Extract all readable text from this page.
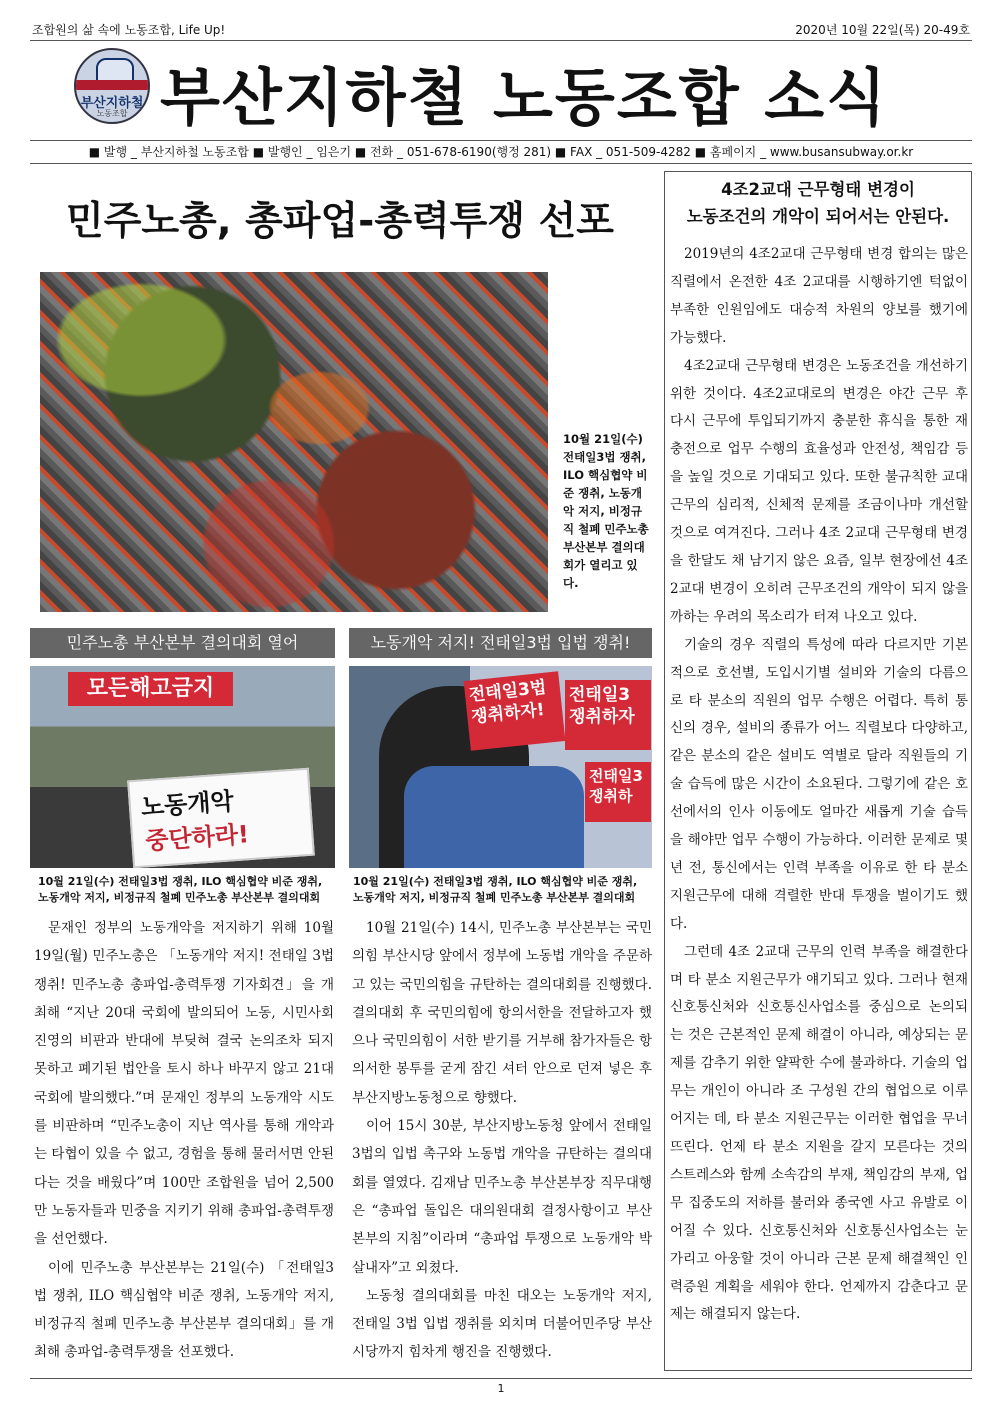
조합원의 삶 속에 노동조합, Life Up!	2020년 10월 22일(목) 20-49호
부산지하철
노동조합 부산지하철 노동조합 소식
■ 발행 _ 부산지하철 노동조합 ■ 발행인 _ 임은기 ■ 전화 _ 051-678-6190(행정 281) ■ FAX _ 051-509-4282 ■ 홈페이지 _ www.busansubway.or.kr
민주노총, 총파업-총력투쟁 선포
10월 21일(수) 전태일3법 쟁취, ILO 핵심협약 비준 쟁취, 노동개악 저지, 비정규직 철폐 민주노총 부산본부 결의대회가 열리고 있다.
민주노총 부산본부 결의대회 열어	노동개악 저지! 전태일3법 입법 쟁취!
모든해고금지
노동개악
중단하라!
전태일3법 쟁취하자!
전태일3 쟁취하자
전태일3 쟁취하
10월 21일(수) 전태일3법 쟁취, ILO 핵심협약 비준 쟁취, 노동개악 저지, 비정규직 철폐 민주노총 부산본부 결의대회
10월 21일(수) 전태일3법 쟁취, ILO 핵심협약 비준 쟁취, 노동개악 저지, 비정규직 철폐 민주노총 부산본부 결의대회

문재인 정부의 노동개악을 저지하기 위해 10월 19일(월) 민주노총은 「노동개악 저지! 전태일 3법 쟁취! 민주노총 총파업-총력투쟁 기자회견」을 개최해 “지난 20대 국회에 발의되어 노동, 시민사회진영의 비판과 반대에 부딪혀 결국 논의조차 되지 못하고 폐기된 법안을 토시 하나 바꾸지 않고 21대 국회에 발의했다.”며 문재인 정부의 노동개악 시도를 비판하며 “민주노총이 지난 역사를 통해 개악과는 타협이 있을 수 없고, 경험을 통해 물러서면 안된다는 것을 배웠다”며 100만 조합원을 넘어 2,500만 노동자들과 민중을 지키기 위해 총파업-총력투쟁을 선언했다.

이에 민주노총 부산본부는 21일(수) 「전태일3법 쟁취, ILO 핵심협약 비준 쟁취, 노동개악 저지, 비정규직 철폐 민주노총 부산본부 결의대회」를 개최해 총파업-총력투쟁을 선포했다.

10월 21일(수) 14시, 민주노총 부산본부는 국민의힘 부산시당 앞에서 정부에 노동법 개악을 주문하고 있는 국민의힘을 규탄하는 결의대회를 진행했다. 결의대회 후 국민의힘에 항의서한을 전달하고자 했으나 국민의힘이 서한 받기를 거부해 참가자들은 항의서한 봉투를 굳게 잠긴 셔터 안으로 던져 넣은 후 부산지방노동청으로 향했다.

이어 15시 30분, 부산지방노동청 앞에서 전태일3법의 입법 촉구와 노동법 개악을 규탄하는 결의대회를 열였다. 김재남 민주노총 부산본부장 직무대행은 “총파업 돌입은 대의원대회 결정사항이고 부산본부의 지침”이라며 “총파업 투쟁으로 노동개악 박살내자”고 외쳤다.

노동청 결의대회를 마친 대오는 노동개악 저지, 전태일 3법 입법 쟁취를 외치며 더불어민주당 부산시당까지 힘차게 행진을 진행했다.

4조2교대 근무형태 변경이
노동조건의 개악이 되어서는 안된다.

2019년의 4조2교대 근무형태 변경 합의는 많은 직렬에서 온전한 4조 2교대를 시행하기엔 턱없이 부족한 인원임에도 대승적 차원의 양보를 했기에 가능했다.

4조2교대 근무형태 변경은 노동조건을 개선하기 위한 것이다. 4조2교대로의 변경은 야간 근무 후 다시 근무에 투입되기까지 충분한 휴식을 통한 재충전으로 업무 수행의 효율성과 안전성, 책임감 등을 높일 것으로 기대되고 있다. 또한 불규칙한 교대 근무의 심리적, 신체적 문제를 조금이나마 개선할 것으로 여겨진다. 그러나 4조 2교대 근무형태 변경을 한달도 채 남기지 않은 요즘, 일부 현장에선 4조2교대 변경이 오히려 근무조건의 개악이 되지 않을까하는 우려의 목소리가 터져 나오고 있다.

기술의 경우 직렬의 특성에 따라 다르지만 기본적으로 호선별, 도입시기별 설비와 기술의 다름으로 타 분소의 직원의 업무 수행은 어렵다. 특히 통신의 경우, 설비의 종류가 어느 직렬보다 다양하고, 같은 분소의 같은 설비도 역별로 달라 직원들의 기술 습득에 많은 시간이 소요된다. 그렇기에 같은 호선에서의 인사 이동에도 얼마간 새롭게 기술 습득을 해야만 업무 수행이 가능하다. 이러한 문제로 몇년 전, 통신에서는 인력 부족을 이유로 한 타 분소 지원근무에 대해 격렬한 반대 투쟁을 벌이기도 했다.

그런데 4조 2교대 근무의 인력 부족을 해결한다며 타 분소 지원근무가 얘기되고 있다. 그러나 현재 신호통신처와 신호통신사업소를 중심으로 논의되는 것은 근본적인 문제 해결이 아니라, 예상되는 문제를 감추기 위한 얄팍한 수에 불과하다. 기술의 업무는 개인이 아니라 조 구성원 간의 협업으로 이루어지는 데, 타 분소 지원근무는 이러한 협업을 무너뜨린다. 언제 타 분소 지원을 갈지 모른다는 것의 스트레스와 함께 소속감의 부재, 책임감의 부재, 업무 집중도의 저하를 불러와 종국엔 사고 유발로 이어질 수 있다. 신호통신처와 신호통신사업소는 눈가리고 아웅할 것이 아니라 근본 문제 해결책인 인력증원 계획을 세워야 한다. 언제까지 감춘다고 문제는 해결되지 않는다.

1
